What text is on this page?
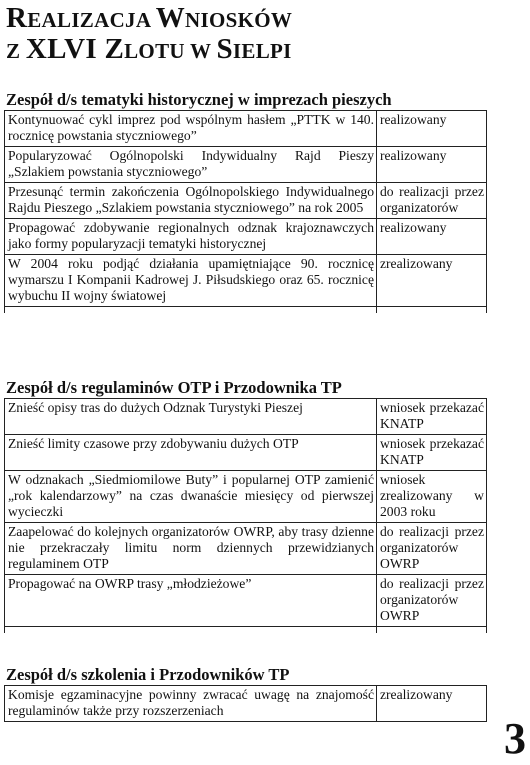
REALIZACJA WNIOSKÓW
Z XLVI ZLOTU W SIELPI
Zespół d/s tematyki historycznej w imprezach pieszych
Kontynuować cykl imprez pod wspólnym hasłem „PTTK w 140. rocznicę powstania styczniowego”	realizowany
Popularyzować Ogólnopolski Indywidualny Rajd Pieszy „Szlakiem powstania styczniowego”	realizowany
Przesunąć termin zakończenia Ogólnopolskiego Indywidualnego Rajdu Pieszego „Szlakiem powstania styczniowego” na rok 2005	do realizacji przez organizatorów
Propagować zdobywanie regionalnych odznak krajoznawczych jako formy popularyzacji tematyki historycznej	realizowany
W 2004 roku podjąć działania upamiętniające 90. rocznicę wymarszu I Kompanii Kadrowej J. Piłsudskiego oraz 65. rocznicę wybuchu II wojny światowej	zrealizowany

Zespół d/s regulaminów OTP i Przodownika TP
Znieść opisy tras do dużych Odznak Turystyki Pieszej	wniosek przekazać KNATP
Znieść limity czasowe przy zdobywaniu dużych OTP	wniosek przekazać KNATP
W odznakach „Siedmiomilowe Buty” i popularnej OTP zamienić „rok kalendarzowy” na czas dwanaście miesięcy od pierwszej wycieczki	wniosek zrealizowany w 2003 roku
Zaapelować do kolejnych organizatorów OWRP, aby trasy dzienne nie przekraczały limitu norm dziennych przewidzianych regulaminem OTP	do realizacji przez organizatorów OWRP
Propagować na OWRP trasy „młodzieżowe”	do realizacji przez organizatorów OWRP

Zespół d/s szkolenia i Przodowników TP
Komisje egzaminacyjne powinny zwracać uwagę na znajomość regulaminów także przy rozszerzeniach	zrealizowany
3
